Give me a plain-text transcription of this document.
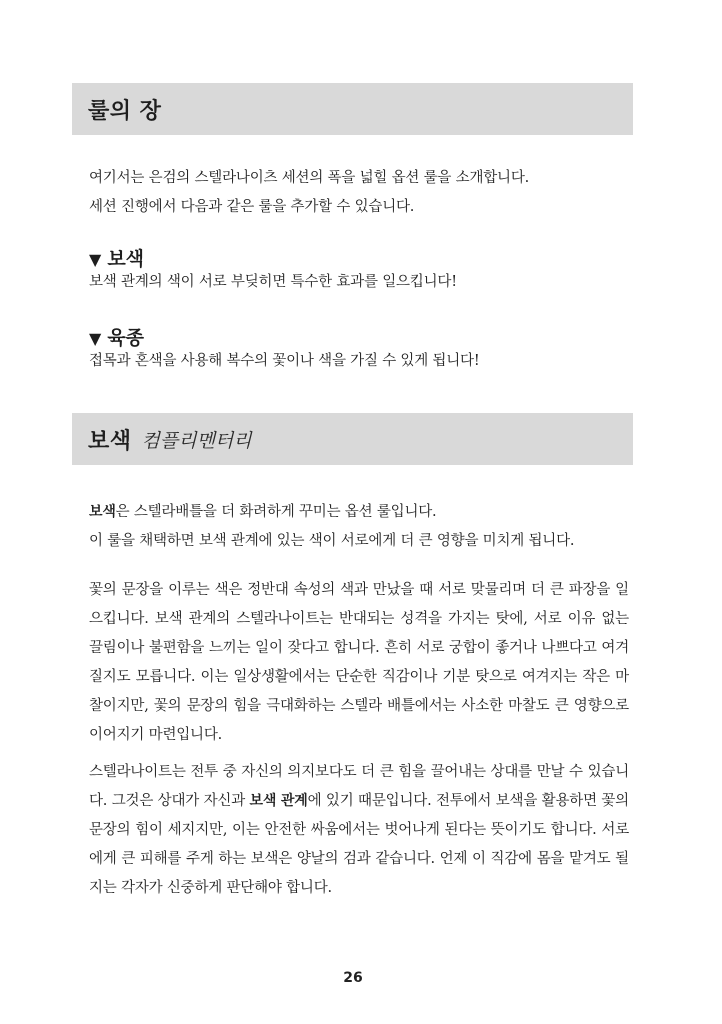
룰의 장

여기서는 은검의 스텔라나이츠 세션의 폭을 넓힐 옵션 룰을 소개합니다.

세션 진행에서 다음과 같은 룰을 추가할 수 있습니다.

▼ 보색
보색 관계의 색이 서로 부딪히면 특수한 효과를 일으킵니다!
▼ 육종
접목과 혼색을 사용해 복수의 꽃이나 색을 가질 수 있게 됩니다!
보색 컴플리멘터리

보색은 스텔라배틀을 더 화려하게 꾸미는 옵션 룰입니다.

이 룰을 채택하면 보색 관계에 있는 색이 서로에게 더 큰 영향을 미치게 됩니다.

꽃의 문장을 이루는 색은 정반대 속성의 색과 만났을 때 서로 맞물리며 더 큰 파장을 일으킵니다. 보색 관계의 스텔라나이트는 반대되는 성격을 가지는 탓에, 서로 이유 없는 끌림이나 불편함을 느끼는 일이 잦다고 합니다. 흔히 서로 궁합이 좋거나 나쁘다고 여겨질지도 모릅니다. 이는 일상생활에서는 단순한 직감이나 기분 탓으로 여겨지는 작은 마찰이지만, 꽃의 문장의 힘을 극대화하는 스텔라 배틀에서는 사소한 마찰도 큰 영향으로 이어지기 마련입니다.

스텔라나이트는 전투 중 자신의 의지보다도 더 큰 힘을 끌어내는 상대를 만날 수 있습니다. 그것은 상대가 자신과 보색 관계에 있기 때문입니다. 전투에서 보색을 활용하면 꽃의 문장의 힘이 세지지만, 이는 안전한 싸움에서는 벗어나게 된다는 뜻이기도 합니다. 서로에게 큰 피해를 주게 하는 보색은 양날의 검과 같습니다. 언제 이 직감에 몸을 맡겨도 될지는 각자가 신중하게 판단해야 합니다.

26
